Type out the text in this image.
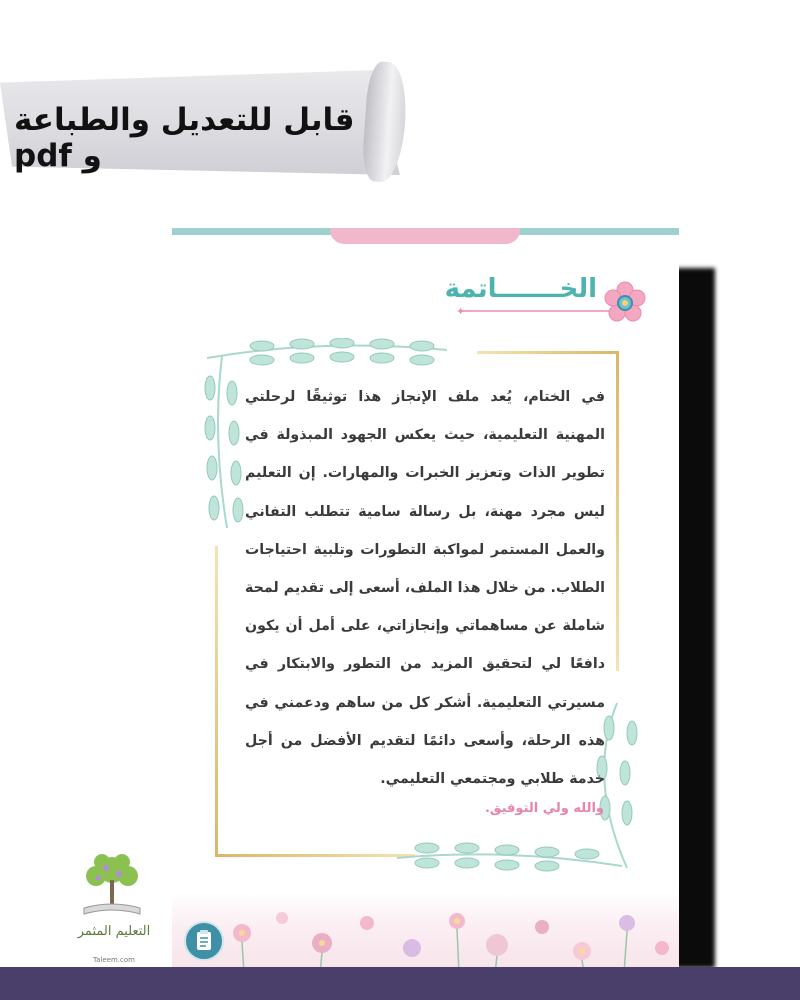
قابل للتعديل والطباعة و pdf
الخـــــــاتمة
✦
في الختام، يُعد ملف الإنجاز هذا توثيقًا لرحلتي المهنية التعليمية، حيث يعكس الجهود المبذولة في تطوير الذات وتعزيز الخبرات والمهارات. إن التعليم ليس مجرد مهنة، بل رسالة سامية تتطلب التفاني والعمل المستمر لمواكبة التطورات وتلبية احتياجات الطلاب. من خلال هذا الملف، أسعى إلى تقديم لمحة شاملة عن مساهماتي وإنجازاتي، على أمل أن يكون دافعًا لي لتحقيق المزيد من التطور والابتكار في مسيرتي التعليمية. أشكر كل من ساهم ودعمني في هذه الرحلة، وأسعى دائمًا لتقديم الأفضل من أجل خدمة طلابي ومجتمعي التعليمي.
والله ولي التوفيق.
التعليم المثمر
Taleem.com
